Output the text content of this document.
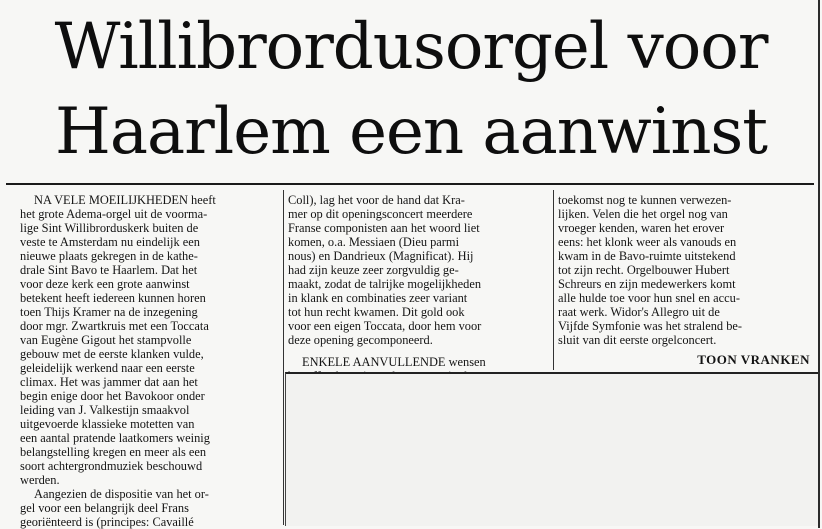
Willibrordusorgel voor
Haarlem een aanwinst
NA VELE MOEILIJKHEDEN heeft
het grote Adema-orgel uit de voorma-
lige Sint Willibrorduskerk buiten de
veste te Amsterdam nu eindelijk een
nieuwe plaats gekregen in de kathe-
drale Sint Bavo te Haarlem. Dat het
voor deze kerk een grote aanwinst
betekent heeft iedereen kunnen horen
toen Thijs Kramer na de inzegening
door mgr. Zwartkruis met een Toccata
van Eugène Gigout het stampvolle
gebouw met de eerste klanken vulde,
geleidelijk werkend naar een eerste
climax. Het was jammer dat aan het
begin enige door het Bavokoor onder
leiding van J. Valkestijn smaakvol
uitgevoerde klassieke motetten van
een aantal pratende laatkomers weinig
belangstelling kregen en meer als een
soort achtergrondmuziek beschouwd
werden.
Aangezien de dispositie van het or-
gel voor een belangrijk deel Frans
georiënteerd is (principes: Cavaillé
Coll), lag het voor de hand dat Kra-
mer op dit openingsconcert meerdere
Franse componisten aan het woord liet
komen, o.a. Messiaen (Dieu parmi
nous) en Dandrieux (Magnificat). Hij
had zijn keuze zeer zorgvuldig ge-
maakt, zodat de talrijke mogelijkheden
in klank en combinaties zeer variant
tot hun recht kwamen. Dit gold ook
voor een eigen Toccata, door hem voor
deze opening gecomponeerd.
ENKELE AANVULLENDE wensen
toekomst nog te kunnen verwezen-
lijken. Velen die het orgel nog van
vroeger kenden, waren het erover
eens: het klonk weer als vanouds en
kwam in de Bavo-ruimte uitstekend
tot zijn recht. Orgelbouwer Hubert
Schreurs en zijn medewerkers komt
alle hulde toe voor hun snel en accu-
raat werk. Widor's Allegro uit de
Vijfde Symfonie was het stralend be-
sluit van dit eerste orgelconcert.
TOON VRANKEN
